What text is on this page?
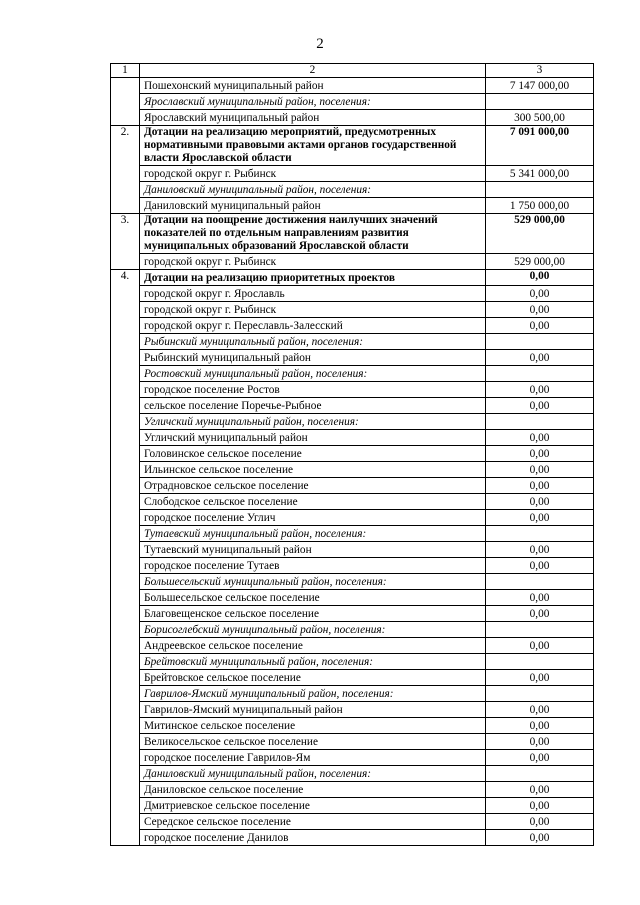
2
1	2	3
	Пошехонский муниципальный район	7 147 000,00
	Ярославский муниципальный район, поселения:	
	Ярославский муниципальный район	300 500,00
2.	Дотации на реализацию мероприятий, предусмотренных нормативными правовыми актами органов государственной власти Ярославской области	7 091 000,00
	городской округ г. Рыбинск	5 341 000,00
	Даниловский муниципальный район, поселения:	
	Даниловский муниципальный район	1 750 000,00
3.	Дотации на поощрение достижения наилучших значений показателей по отдельным направлениям развития муниципальных образований Ярославской области	529 000,00
	городской округ г. Рыбинск	529 000,00
4.	Дотации на реализацию приоритетных проектов	0,00
	городской округ г. Ярославль	0,00
	городской округ г. Рыбинск	0,00
	городской округ г. Переславль-Залесский	0,00
	Рыбинский муниципальный район, поселения:	
	Рыбинский муниципальный район	0,00
	Ростовский муниципальный район, поселения:	
	городское поселение Ростов	0,00
	сельское поселение Поречье-Рыбное	0,00
	Угличский муниципальный район, поселения:	
	Угличский муниципальный район	0,00
	Головинское сельское поселение	0,00
	Ильинское сельское поселение	0,00
	Отрадновское сельское поселение	0,00
	Слободское сельское поселение	0,00
	городское поселение Углич	0,00
	Тутаевский муниципальный район, поселения:	
	Тутаевский муниципальный район	0,00
	городское поселение Тутаев	0,00
	Большесельский муниципальный район, поселения:	
	Большесельское сельское поселение	0,00
	Благовещенское сельское поселение	0,00
	Борисоглебский муниципальный район, поселения:	
	Андреевское сельское поселение	0,00
	Брейтовский муниципальный район, поселения:	
	Брейтовское сельское поселение	0,00
	Гаврилов-Ямский муниципальный район, поселения:	
	Гаврилов-Ямский муниципальный район	0,00
	Митинское сельское поселение	0,00
	Великосельское сельское поселение	0,00
	городское поселение Гаврилов-Ям	0,00
	Даниловский муниципальный район, поселения:	
	Даниловское сельское поселение	0,00
	Дмитриевское сельское поселение	0,00
	Середское сельское поселение	0,00
	городское поселение Данилов	0,00
